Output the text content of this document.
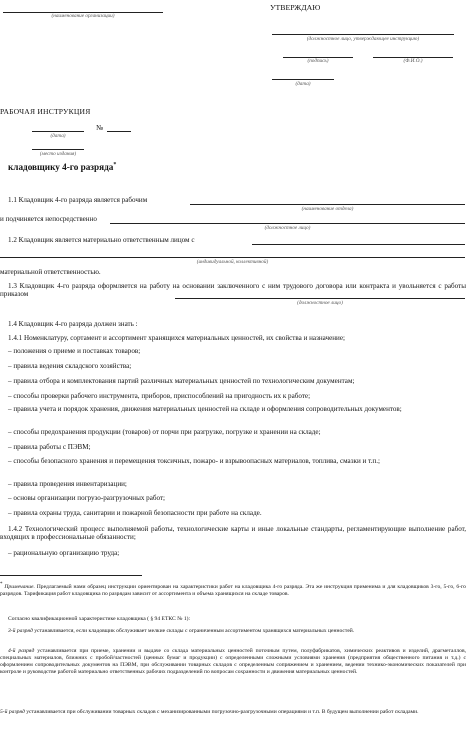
(наименование организации)
УТВЕРЖДАЮ
(должностное лицо, утверждающее инструкцию)
(подпись)	(Ф.И.О.)
(дата)
РАБОЧАЯ ИНСТРУКЦИЯ
№
(дата)
(место издания)
кладовщику 4-го разряда*
1.1 Кладовщик 4-го разряда является рабочим
(наименование отдела)
и подчиняется непосредственно
(должностное лицо)
1.2 Кладовщик является материально ответственным лицом с
(индивидуальной, коллективной)
материальной ответственностью.
1.3 Кладовщик 4-го разряда оформляется на работу на основании заключенного с ним трудового договора или контракта и увольняется с работы приказом
(должностное лицо)
1.4 Кладовщик 4-го разряда должен знать :
1.4.1 Номенклатуру, сортамент и ассортимент хранящихся материальных ценностей, их свойства и назначение;
– положения о приеме и поставках товаров;
– правила ведения складского хозяйства;
– правила отбора и комплектования партий различных материальных ценностей по технологическим документам;
– способы проверки рабочего инструмента, приборов, приспособлений на пригодность их к работе;
– правила учета и порядок хранения, движения материальных ценностей на складе и оформления сопроводительных документов;
– способы предохранения продукции (товаров) от порчи при разгрузке, погрузке и хранении на складе;
– правила работы с ПЭВМ;
– способы безопасного хранения и перемещения токсичных, пожаро- и взрывоопасных материалов, топлива, смазки и т.п.;
– правила проведения инвентаризации;
– основы организации погрузо-разгрузочных работ;
– правила охраны труда, санитарии и пожарной безопасности при работе на складе.
1.4.2 Технологический процесс выполняемой работы, технологические карты и иные локальные стандарты, регламентирующие выполнение работ, входящих в профессиональные обязанности;
– рациональную организацию труда;
* Примечание. Предлагаемый нами образец инструкции ориентирован на характеристики работ на кладовщика 4-го разряда. Эта же инструкция применима и для кладовщиков 3-го, 5-го, 6-го разрядов. Тарификация работ кладовщика по разрядам зависит от ассортимента и объема хранящихся на складе товаров.
Согласно квалификационной характеристике кладовщика ( § 94 ЕТКС № 1):
3-й разряд устанавливается, если кладовщик обслуживает мелкие склады с ограниченным ассортиментом хранящихся материальных ценностей.
4-й разряд устанавливается при приеме, хранении и выдаче со склада материальных ценностей поточным путем, полуфабрикатов, химических реактивов и изделий, драгметаллов, специальных материалов, ближних с пробой/частностей (ценных бумаг и продукции) с определенными сложными условиями хранения (предприятия общественного питания и т.д.) с оформлением сопроводительных документов на ПЭВМ, при обслуживании товарных складов с определенным сопряжением и хранением, ведении технико-экономических показателей при контроле и руководстве работой материально ответственных рабочих подразделений по вопросам сохранности и движения материальных ценностей.
5-й разряд устанавливается при обслуживании товарных складов с механизированными погрузочно-разгрузочными операциями и т.п. В будущем выполнении работ складами.
